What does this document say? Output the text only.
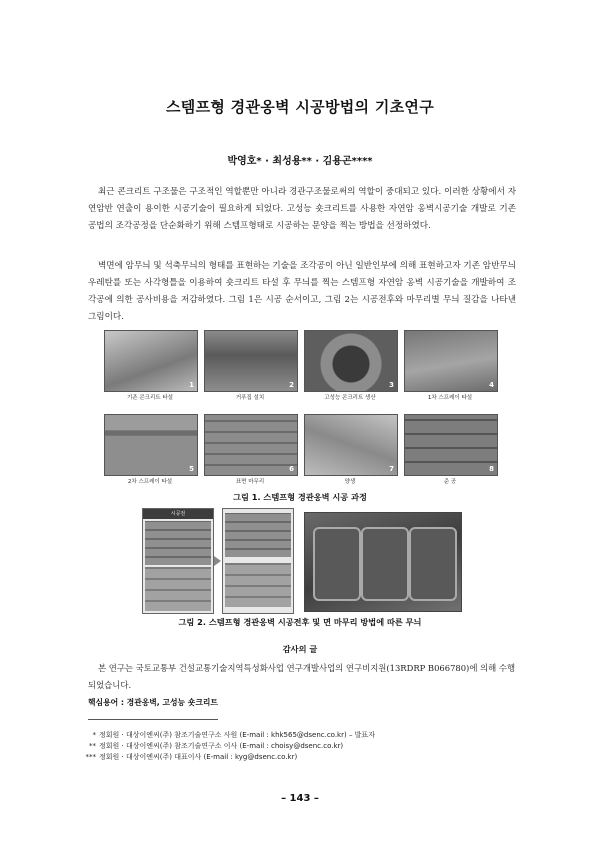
스템프형 경관옹벽 시공방법의 기초연구
박영호* · 최성용** · 김용곤****

최근 콘크리트 구조물은 구조적인 역할뿐만 아니라 경관구조물로써의 역할이 중대되고 있다. 이러한 상황에서 자연암반 연출이 용이한 시공기술이 필요하게 되었다. 고성능 숏크리트를 사용한 자연암 옹벽시공기술 개발로 기존 공법의 조각공정을 단순화하기 위해 스템프형태로 시공하는 문양을 찍는 방법을 선정하였다.

벽면에 암무늬 및 석축무늬의 형태를 표현하는 기술을 조각공이 아닌 일반인부에 의해 표현하고자 기존 암반무늬 우레탄를 또는 사각형틀을 이용하여 숏크리트 타설 후 무늬를 찍는 스템프형 자연암 옹벽 시공기술을 개발하여 조각공에 의한 공사비용을 저감하였다. 그림 1은 시공 순서이고, 그림 2는 시공전후와 마무리별 무늬 질감을 나타낸 그림이다.

1	2	3	4
5	6	7	8
기존 콘크리트 타설	거푸집 설치	고성능 콘크리트 생산	1차 스프레이 타설
2차 스프레이 타설	표면 마무리	양생	준 공
그림 1. 스템프형 경관옹벽 시공 과정
시공전
그림 2. 스템프형 경관옹벽 시공전후 및 면 마무리 방법에 따른 무늬
감사의 글
본 연구는 국토교통부 건설교통기술지역특성화사업 연구개발사업의 연구비지원(13RDRP B066780)에 의해 수행되었습니다.
핵심용어 : 경관옹벽, 고성능 숏크리트
* 정회원 · 대상이엔씨(주) 참조기술연구소 사원 (E-mail : khk565@dsenc.co.kr) – 발표자
** 정회원 · 대상이엔씨(주) 참조기술연구소 이사 (E-mail : choisy@dsenc.co.kr)
*** 정회원 · 대상이엔씨(주) 대표이사 (E-mail : kyg@dsenc.co.kr)
– 143 –
